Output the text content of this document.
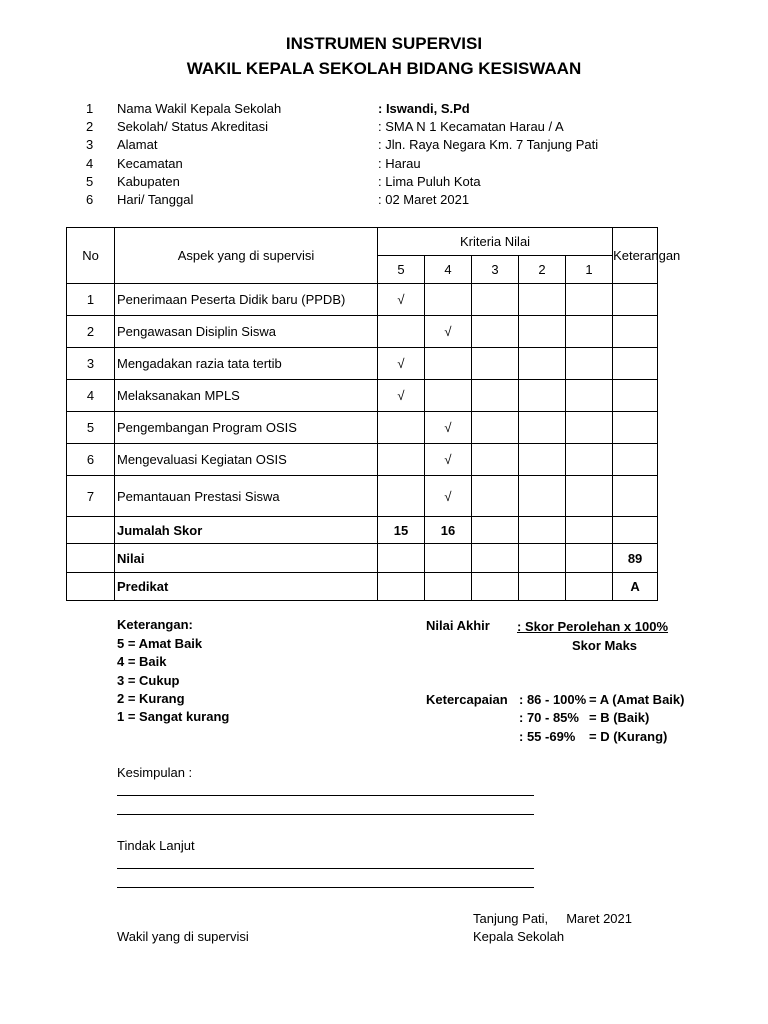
INSTRUMEN SUPERVISI
WAKIL KEPALA SEKOLAH BIDANG KESISWAAN
1 Nama Wakil Kepala Sekolah	: Iswandi, S.Pd
2 Sekolah/ Status Akreditasi	: SMA N 1 Kecamatan Harau / A
3 Alamat	: Jln. Raya Negara Km. 7 Tanjung Pati
4 Kecamatan	: Harau
5 Kabupaten	: Lima Puluh Kota
6 Hari/ Tanggal	: 02 Maret 2021
No	Aspek yang di supervisi	Kriteria Nilai					Keterangan
		5	4	3	2	1	
1	Penerimaan Peserta Didik baru (PPDB)	√					
2	Pengawasan Disiplin Siswa		√				
3	Mengadakan razia tata tertib	√					
4	Melaksanakan MPLS	√					
5	Pengembangan Program OSIS		√				
6	Mengevaluasi Kegiatan OSIS		√				
7	Pemantauan Prestasi Siswa		√				
	Jumalah Skor	15	16				
	Nilai						89
	Predikat						A
Keterangan:
5 = Amat Baik
4 = Baik
3 = Cukup
2 = Kurang
1 = Sangat kurang
Nilai Akhir : Skor Perolehan x 100%
Skor Maks
Ketercapaian : 86 - 100% = A (Amat Baik)
: 70 - 85% = B (Baik)
: 55 -69% = D (Kurang)
Kesimpulan :
Tindak Lanjut
Tanjung Pati,     Maret 2021
Wakil yang di supervisi	Kepala Sekolah
